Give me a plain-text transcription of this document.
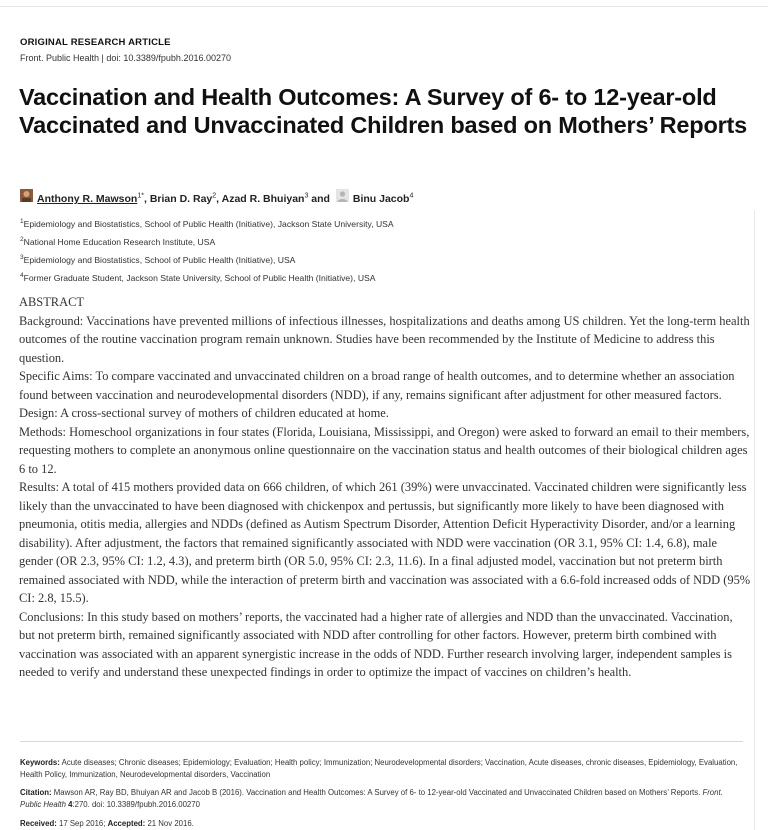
ORIGINAL RESEARCH ARTICLE
Front. Public Health | doi: 10.3389/fpubh.2016.00270
Vaccination and Health Outcomes: A Survey of 6- to 12-year-old Vaccinated and Unvaccinated Children based on Mothers’ Reports
Anthony R. Mawson$^{1*}$, Brian D. Ray$^2$, Azad R. Bhuiyan$^3$ and Binu Jacob$^4$
$^1$Epidemiology and Biostatistics, School of Public Health (Initiative), Jackson State University, USA
$^2$National Home Education Research Institute, USA
$^3$Epidemiology and Biostatistics, School of Public Health (Initiative), USA
$^4$Former Graduate Student, Jackson State University, School of Public Health (Initiative), USA

ABSTRACT

Background: Vaccinations have prevented millions of infectious illnesses, hospitalizations and deaths among US children. Yet the long-term health outcomes of the routine vaccination program remain unknown. Studies have been recommended by the Institute of Medicine to address this question.

Specific Aims: To compare vaccinated and unvaccinated children on a broad range of health outcomes, and to determine whether an association found between vaccination and neurodevelopmental disorders (NDD), if any, remains significant after adjustment for other measured factors.

Design: A cross-sectional survey of mothers of children educated at home.

Methods: Homeschool organizations in four states (Florida, Louisiana, Mississippi, and Oregon) were asked to forward an email to their members, requesting mothers to complete an anonymous online questionnaire on the vaccination status and health outcomes of their biological children ages 6 to 12.

Results: A total of 415 mothers provided data on 666 children, of which 261 (39%) were unvaccinated. Vaccinated children were significantly less likely than the unvaccinated to have been diagnosed with chickenpox and pertussis, but significantly more likely to have been diagnosed with pneumonia, otitis media, allergies and NDDs (defined as Autism Spectrum Disorder, Attention Deficit Hyperactivity Disorder, and/or a learning disability). After adjustment, the factors that remained significantly associated with NDD were vaccination (OR 3.1, 95% CI: 1.4, 6.8), male gender (OR 2.3, 95% CI: 1.2, 4.3), and preterm birth (OR 5.0, 95% CI: 2.3, 11.6). In a final adjusted model, vaccination but not preterm birth remained associated with NDD, while the interaction of preterm birth and vaccination was associated with a 6.6-fold increased odds of NDD (95% CI: 2.8, 15.5).

Conclusions: In this study based on mothers’ reports, the vaccinated had a higher rate of allergies and NDD than the unvaccinated. Vaccination, but not preterm birth, remained significantly associated with NDD after controlling for other factors. However, preterm birth combined with vaccination was associated with an apparent synergistic increase in the odds of NDD. Further research involving larger, independent samples is needed to verify and understand these unexpected findings in order to optimize the impact of vaccines on children’s health.

Keywords: Acute diseases; Chronic diseases; Epidemiology; Evaluation; Health policy; Immunization; Neurodevelopmental disorders; Vaccination, Acute diseases, chronic diseases, Epidemiology, Evaluation, Health Policy, Immunization, Neurodevelopmental disorders, Vaccination
Citation: Mawson AR, Ray BD, Bhuiyan AR and Jacob B (2016). Vaccination and Health Outcomes: A Survey of 6- to 12-year-old Vaccinated and Unvaccinated Children based on Mothers’ Reports. Front. Public Health 4:270. doi: 10.3389/fpubh.2016.00270
Received: 17 Sep 2016; Accepted: 21 Nov 2016.
